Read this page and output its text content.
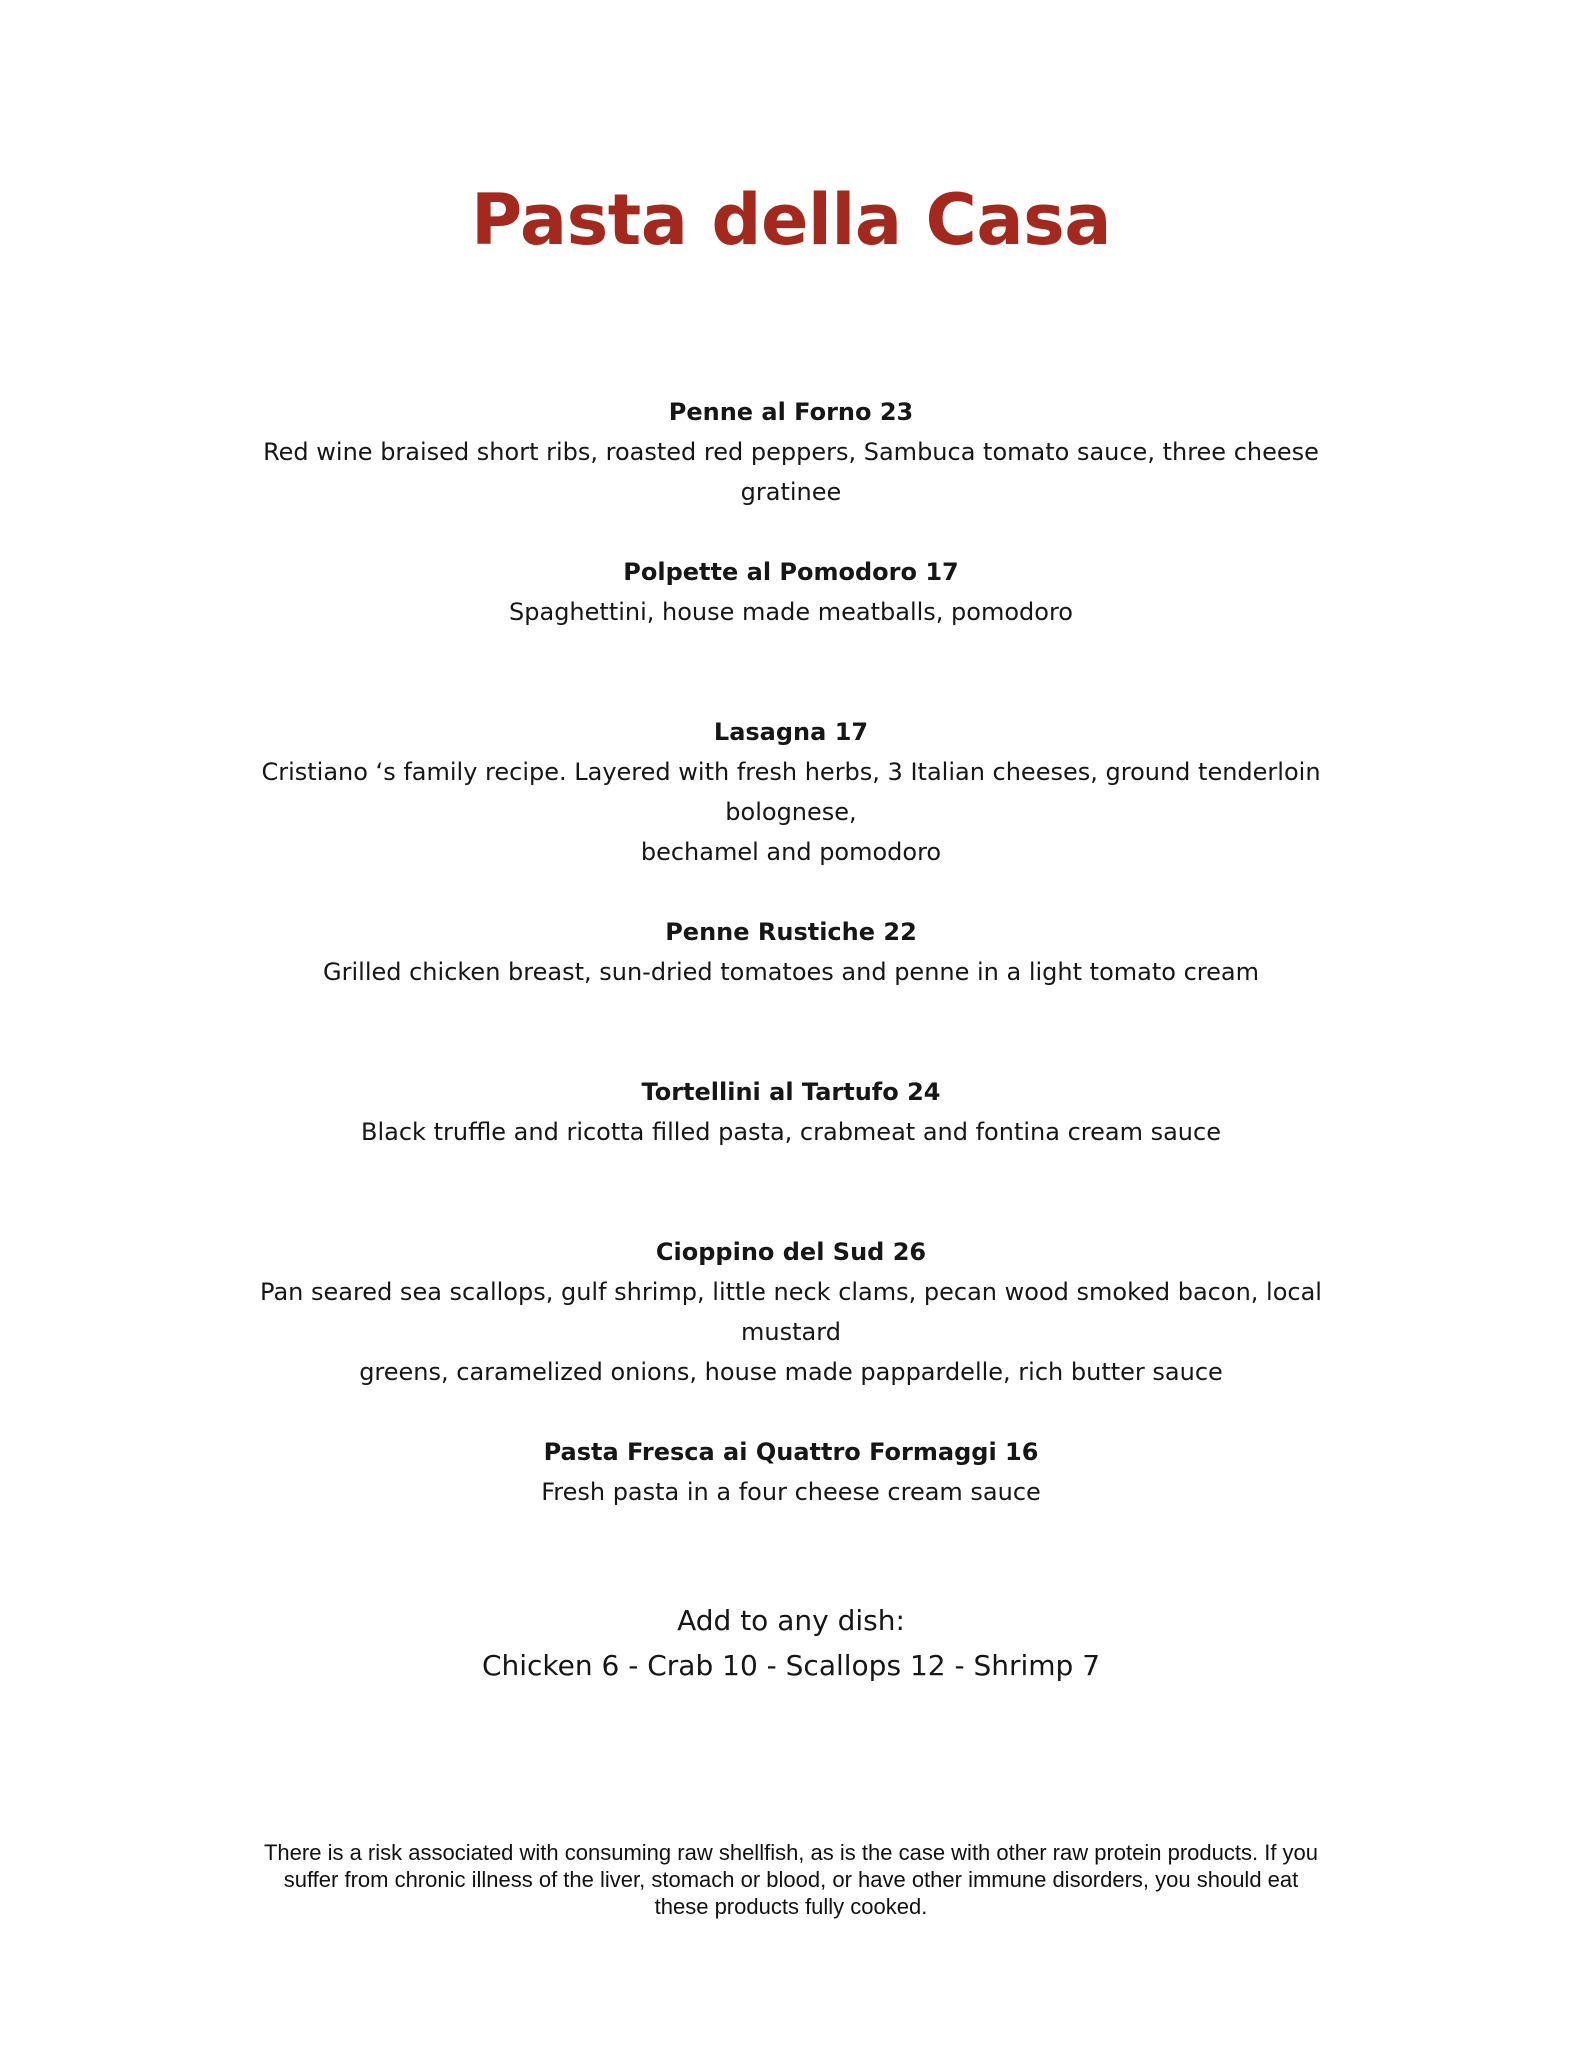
Pasta della Casa
Penne al Forno 23
Red wine braised short ribs, roasted red peppers, Sambuca tomato sauce, three cheese gratinee
Polpette al Pomodoro 17
Spaghettini, house made meatballs, pomodoro
Lasagna 17
Cristiano ‘s family recipe. Layered with fresh herbs, 3 Italian cheeses, ground tenderloin bolognese,
bechamel and pomodoro
Penne Rustiche 22
Grilled chicken breast, sun-dried tomatoes and penne in a light tomato cream
Tortellini al Tartufo 24
Black truffle and ricotta filled pasta, crabmeat and fontina cream sauce
Cioppino del Sud 26
Pan seared sea scallops, gulf shrimp, little neck clams, pecan wood smoked bacon, local mustard
greens, caramelized onions, house made pappardelle, rich butter sauce
Pasta Fresca ai Quattro Formaggi 16
Fresh pasta in a four cheese cream sauce
Add to any dish:
Chicken 6 - Crab 10 - Scallops 12 - Shrimp 7
There is a risk associated with consuming raw shellfish, as is the case with other raw protein products. If you
suffer from chronic illness of the liver, stomach or blood, or have other immune disorders, you should eat
these products fully cooked.
